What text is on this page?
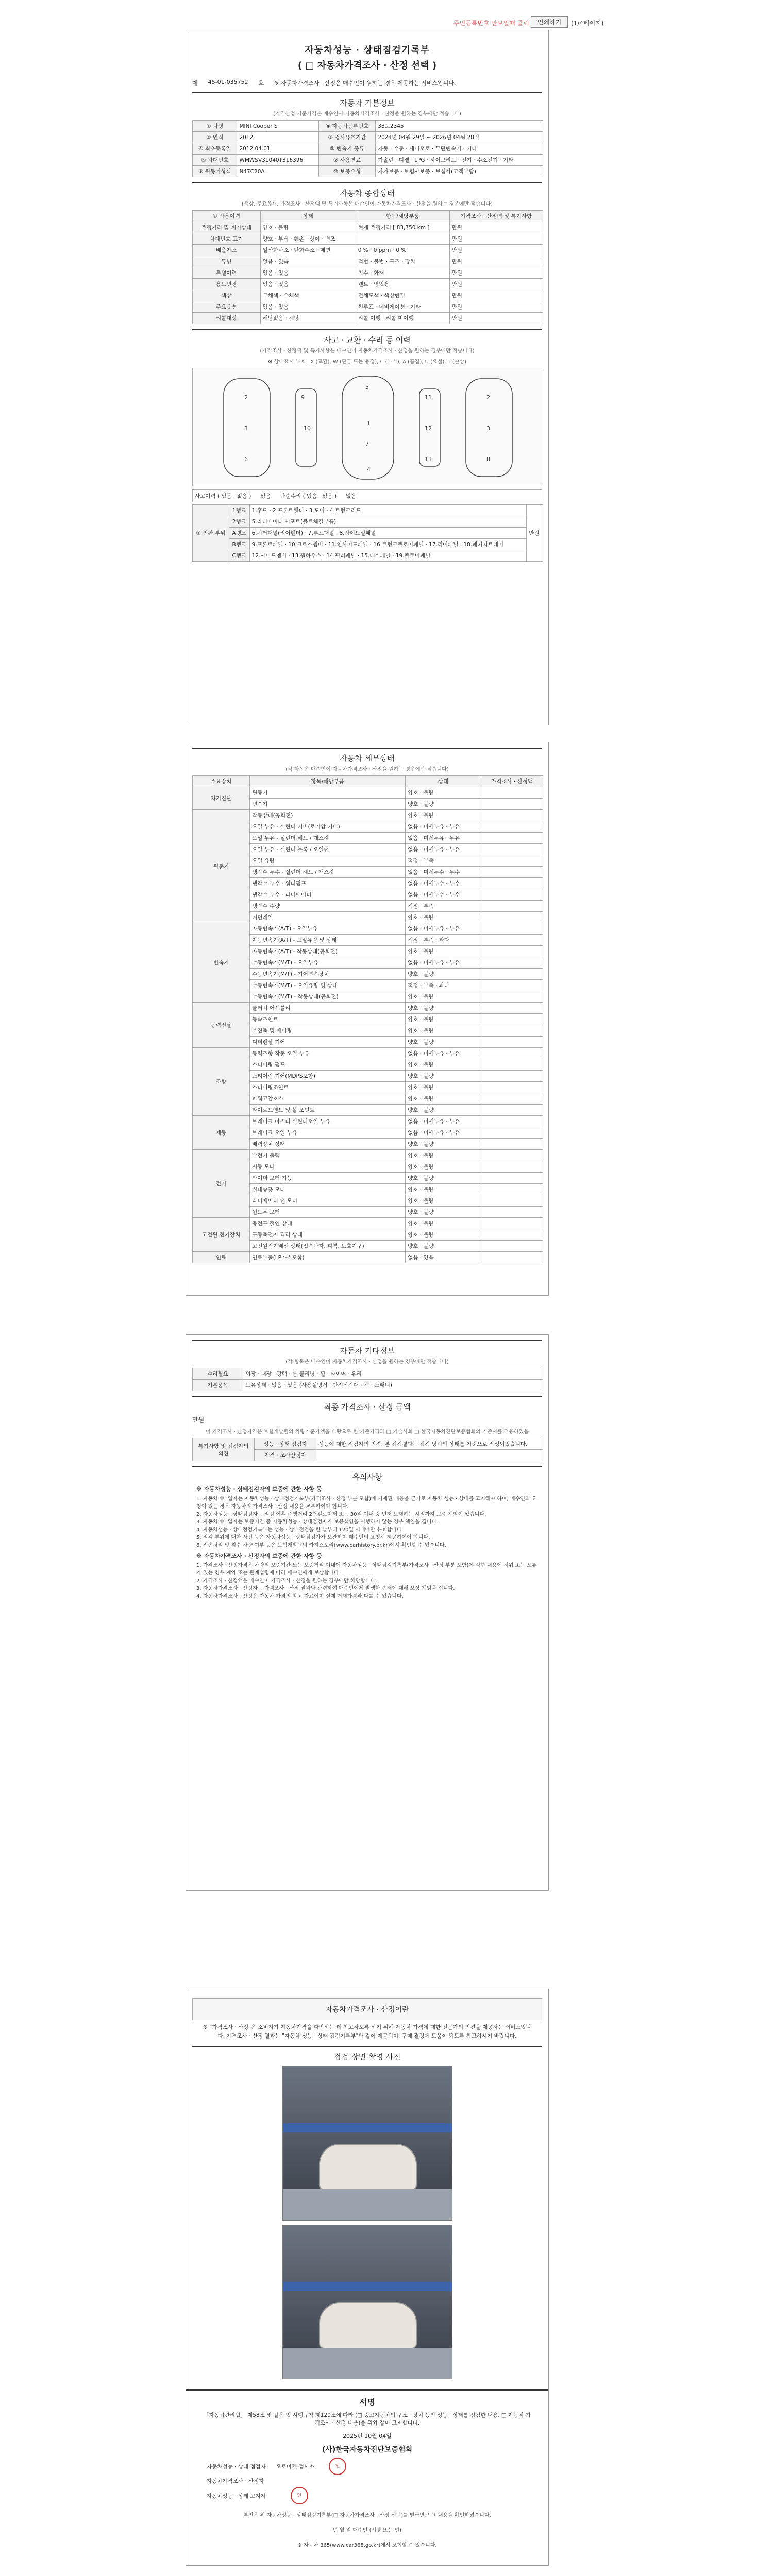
주민등록번호 안보일때 클릭	인쇄하기	(1/4페이지)
자동차성능 · 상태점검기록부
( □ 자동차가격조사 · 산정 선택 )
제 45-01-035752 호 ※ 자동차가격조사 · 산정은 매수인이 원하는 경우 제공하는 서비스입니다.
자동차 기본정보
(가격산정 기준가격은 매수인이 자동차가격조사 · 산정을 원하는 경우에만 적습니다)
① 차명	MINI Cooper S	⑧ 자동차등록번호	33도2345
② 연식	2012	③ 검사유효기간	2024년 04월 29일 ~ 2026년 04월 28일
④ 최초등록일	2012.04.01	⑤ 변속기 종류	자동 · 수동 · 세미오토 · 무단변속기 · 기타
⑥ 차대번호	WMWSV31040T316396	⑦ 사용연료	가솔린 · 디젤 · LPG · 하이브리드 · 전기 · 수소전기 · 기타
⑨ 원동기형식	N47C20A	⑩ 보증유형	자가보증 · 보험사보증 · 보험사(고객부담)
자동차 종합상태
(색상, 주요옵션, 가격조사 · 산정액 및 특기사항은 매수인이 자동차가격조사 · 산정을 원하는 경우에만 적습니다)
① 사용이력	상태	항목/해당부품	가격조사 · 산정액 및 특기사항
주행거리 및 계기상태	양호 · 불량	현재 주행거리 [ 83,750 km ]	만원
차대번호 표기	양호 · 부식 · 훼손 · 상이 · 변조		만원
배출가스	일산화탄소 · 탄화수소 · 매연	0 % · 0 ppm · 0 %	만원
튜닝	없음 · 있음	적법 · 불법 · 구조 · 장치	만원
특별이력	없음 · 있음	침수 · 화재	만원
용도변경	없음 · 있음	렌트 · 영업용	만원
색상	무채색 · 유채색	전체도색 · 색상변경	만원
주요옵션	없음 · 있음	썬루프 · 네비게이션 · 기타	만원
리콜대상	해당없음 · 해당	리콜 이행 · 리콜 미이행	만원
사고 · 교환 · 수리 등 이력
(가격조사 · 산정액 및 특기사항은 매수인이 자동차가격조사 · 산정을 원하는 경우에만 적습니다)
※ 상태표시 부호 : X (교환), W (판금 또는 용접), C (부식), A (흠집), U (요철), T (손상)
1
2	2
3	3
4
5
6
7
8
9
10
11
12
13
사고이력 ( 있음 · 없음 ) 없음 단순수리 ( 있음 · 없음 ) 없음
① 외판 부위	1랭크	1.후드 · 2.프론트휀더 · 3.도어 · 4.트렁크리드	만원
	2랭크	5.라디에이터 서포트(볼트체결부품)	
	A랭크	6.쿼터패널(리어휀더) · 7.루프패널 · 8.사이드실패널	
	B랭크	9.프론트패널 · 10.크로스멤버 · 11.인사이드패널 · 16.트렁크플로어패널 · 17.리어패널 · 18.패키지트레이	
	C랭크	12.사이드멤버 · 13.휠하우스 · 14.필러패널 · 15.대쉬패널 · 19.플로어패널	
자동차 세부상태
(각 항목은 매수인이 자동차가격조사 · 산정을 원하는 경우에만 적습니다)
주요장치	항목/해당부품	상태	가격조사 · 산정액
자기진단	원동기	양호 · 불량	
	변속기	양호 · 불량	
원동기	작동상태(공회전)	양호 · 불량	
	오일 누유 - 실린더 커버(로커암 커버)	없음 · 미세누유 · 누유	
	오일 누유 - 실린더 헤드 / 개스킷	없음 · 미세누유 · 누유	
	오일 누유 - 실린더 블록 / 오일팬	없음 · 미세누유 · 누유	
	오일 유량	적정 · 부족	
	냉각수 누수 - 실린더 헤드 / 개스킷	없음 · 미세누수 · 누수	
	냉각수 누수 - 워터펌프	없음 · 미세누수 · 누수	
	냉각수 누수 - 라디에이터	없음 · 미세누수 · 누수	
	냉각수 수량	적정 · 부족	
	커먼레일	양호 · 불량	
변속기	자동변속기(A/T) - 오일누유	없음 · 미세누유 · 누유	
	자동변속기(A/T) - 오일유량 및 상태	적정 · 부족 · 과다	
	자동변속기(A/T) - 작동상태(공회전)	양호 · 불량	
	수동변속기(M/T) - 오일누유	없음 · 미세누유 · 누유	
	수동변속기(M/T) - 기어변속장치	양호 · 불량	
	수동변속기(M/T) - 오일유량 및 상태	적정 · 부족 · 과다	
	수동변속기(M/T) - 작동상태(공회전)	양호 · 불량	
동력전달	클러치 어셈블리	양호 · 불량	
	등속조인트	양호 · 불량	
	추진축 및 베어링	양호 · 불량	
	디퍼렌셜 기어	양호 · 불량	
조향	동력조향 작동 오일 누유	없음 · 미세누유 · 누유	
	스티어링 펌프	양호 · 불량	
	스티어링 기어(MDPS포함)	양호 · 불량	
	스티어링조인트	양호 · 불량	
	파워고압호스	양호 · 불량	
	타이로드엔드 및 볼 조인트	양호 · 불량	
제동	브레이크 마스터 실린더오일 누유	없음 · 미세누유 · 누유	
	브레이크 오일 누유	없음 · 미세누유 · 누유	
	배력장치 상태	양호 · 불량	
전기	발전기 출력	양호 · 불량	
	시동 모터	양호 · 불량	
	와이퍼 모터 기능	양호 · 불량	
	실내송풍 모터	양호 · 불량	
	라디에이터 팬 모터	양호 · 불량	
	윈도우 모터	양호 · 불량	
고전원 전기장치	충전구 절연 상태	양호 · 불량	
	구동축전지 격리 상태	양호 · 불량	
	고전원전기배선 상태(접속단자, 피복, 보호기구)	양호 · 불량	
연료	연료누출(LP가스포함)	없음 · 있음	
자동차 기타정보
(각 항목은 매수인이 자동차가격조사 · 산정을 원하는 경우에만 적습니다)
수리필요	외장 · 내장 · 광택 · 룸 클리닝 · 휠 · 타이어 · 유리
기본품목	보유상태 · 없음 · 있음 (사용설명서 · 안전삼각대 · 잭 · 스패너)
최종 가격조사 · 산정 금액
만원
이 가격조사 · 산정가격은 보험개발원의 차량기준가액을 바탕으로 한 기준가격과 □ 기술사회 □ 한국자동차진단보증협회의 기준서를 적용하였음
특기사항 및 점검자의 의견	성능 · 상태 점검자	성능에 대한 점검자의 의견: 본 점검결과는 점검 당시의 상태를 기준으로 작성되었습니다.
	가격 · 조사산정자	
유의사항
※ 자동차성능 · 상태점검자의 보증에 관한 사항 등

1. 자동차매매업자는 자동차성능 · 상태점검기록부(가격조사 · 산정 부분 포함)에 기재된 내용을 근거로 자동차 성능 · 상태를 고지해야 하며, 매수인의 요청이 있는 경우 자동차의 가격조사 · 산정 내용을 교부하여야 합니다.

2. 자동차성능 · 상태점검자는 점검 이후 주행거리 2천킬로미터 또는 30일 이내 중 먼저 도래하는 시점까지 보증 책임이 있습니다.

3. 자동차매매업자는 보증기간 중 자동차성능 · 상태점검자가 보증책임을 이행하지 않는 경우 책임을 집니다.

4. 자동차성능 · 상태점검기록부는 성능 · 상태점검을 한 날부터 120일 이내에만 유효합니다.

5. 점검 부위에 대한 사진 등은 자동차성능 · 상태점검자가 보관하며 매수인의 요청시 제공하여야 합니다.

6. 전손처리 및 침수 차량 여부 등은 보험개발원의 카히스토리(www.carhistory.or.kr)에서 확인할 수 있습니다.

※ 자동차가격조사 · 산정자의 보증에 관한 사항 등

1. 가격조사 · 산정가격은 차량의 보증기간 또는 보증거리 이내에 자동차성능 · 상태점검기록부(가격조사 · 산정 부분 포함)에 적힌 내용에 허위 또는 오류가 있는 경우 계약 또는 관계법령에 따라 매수인에게 보상합니다.

2. 가격조사 · 산정액은 매수인이 가격조사 · 산정을 원하는 경우에만 해당합니다.

3. 자동차가격조사 · 산정자는 가격조사 · 산정 결과와 관련하여 매수인에게 발생한 손해에 대해 보상 책임을 집니다.

4. 자동차가격조사 · 산정은 자동차 가격의 참고 자료이며 실제 거래가격과 다를 수 있습니다.

자동차가격조사 · 산정이란
※ "가격조사 · 산정"은 소비자가 자동차가격을 파악하는 데 참고하도록 하기 위해 자동차 가격에 대한 전문가의 의견을 제공하는 서비스입니다. 가격조사 · 산정 결과는 "자동차 성능 · 상태 점검기록부"와 같이 제공되며, 구매 결정에 도움이 되도록 참고하시기 바랍니다.
점검 장면 촬영 사진
서명
「자동차관리법」 제58조 및 같은 법 시행규칙 제120조에 따라 (□ 중고자동차의 구조 · 장치 등의 성능 · 상태를 점검한 내용, □ 자동차 가격조사 · 산정 내용)을 위와 같이 고지합니다.
2025년 10월 04일
(사)한국자동차진단보증협회
자동차성능 · 상태 점검자 오토마켓 검사소	인
자동차가격조사 · 산정자
자동차성능 · 상태 고지자	인
본인은 위 자동차성능 · 상태점검기록부(□ 자동차가격조사 · 산정 선택)를 발급받고 그 내용을 확인하였습니다.
년 월 일 매수인 (서명 또는 인)
※ 자동차 365(www.car365.go.kr)에서 조회할 수 있습니다.
